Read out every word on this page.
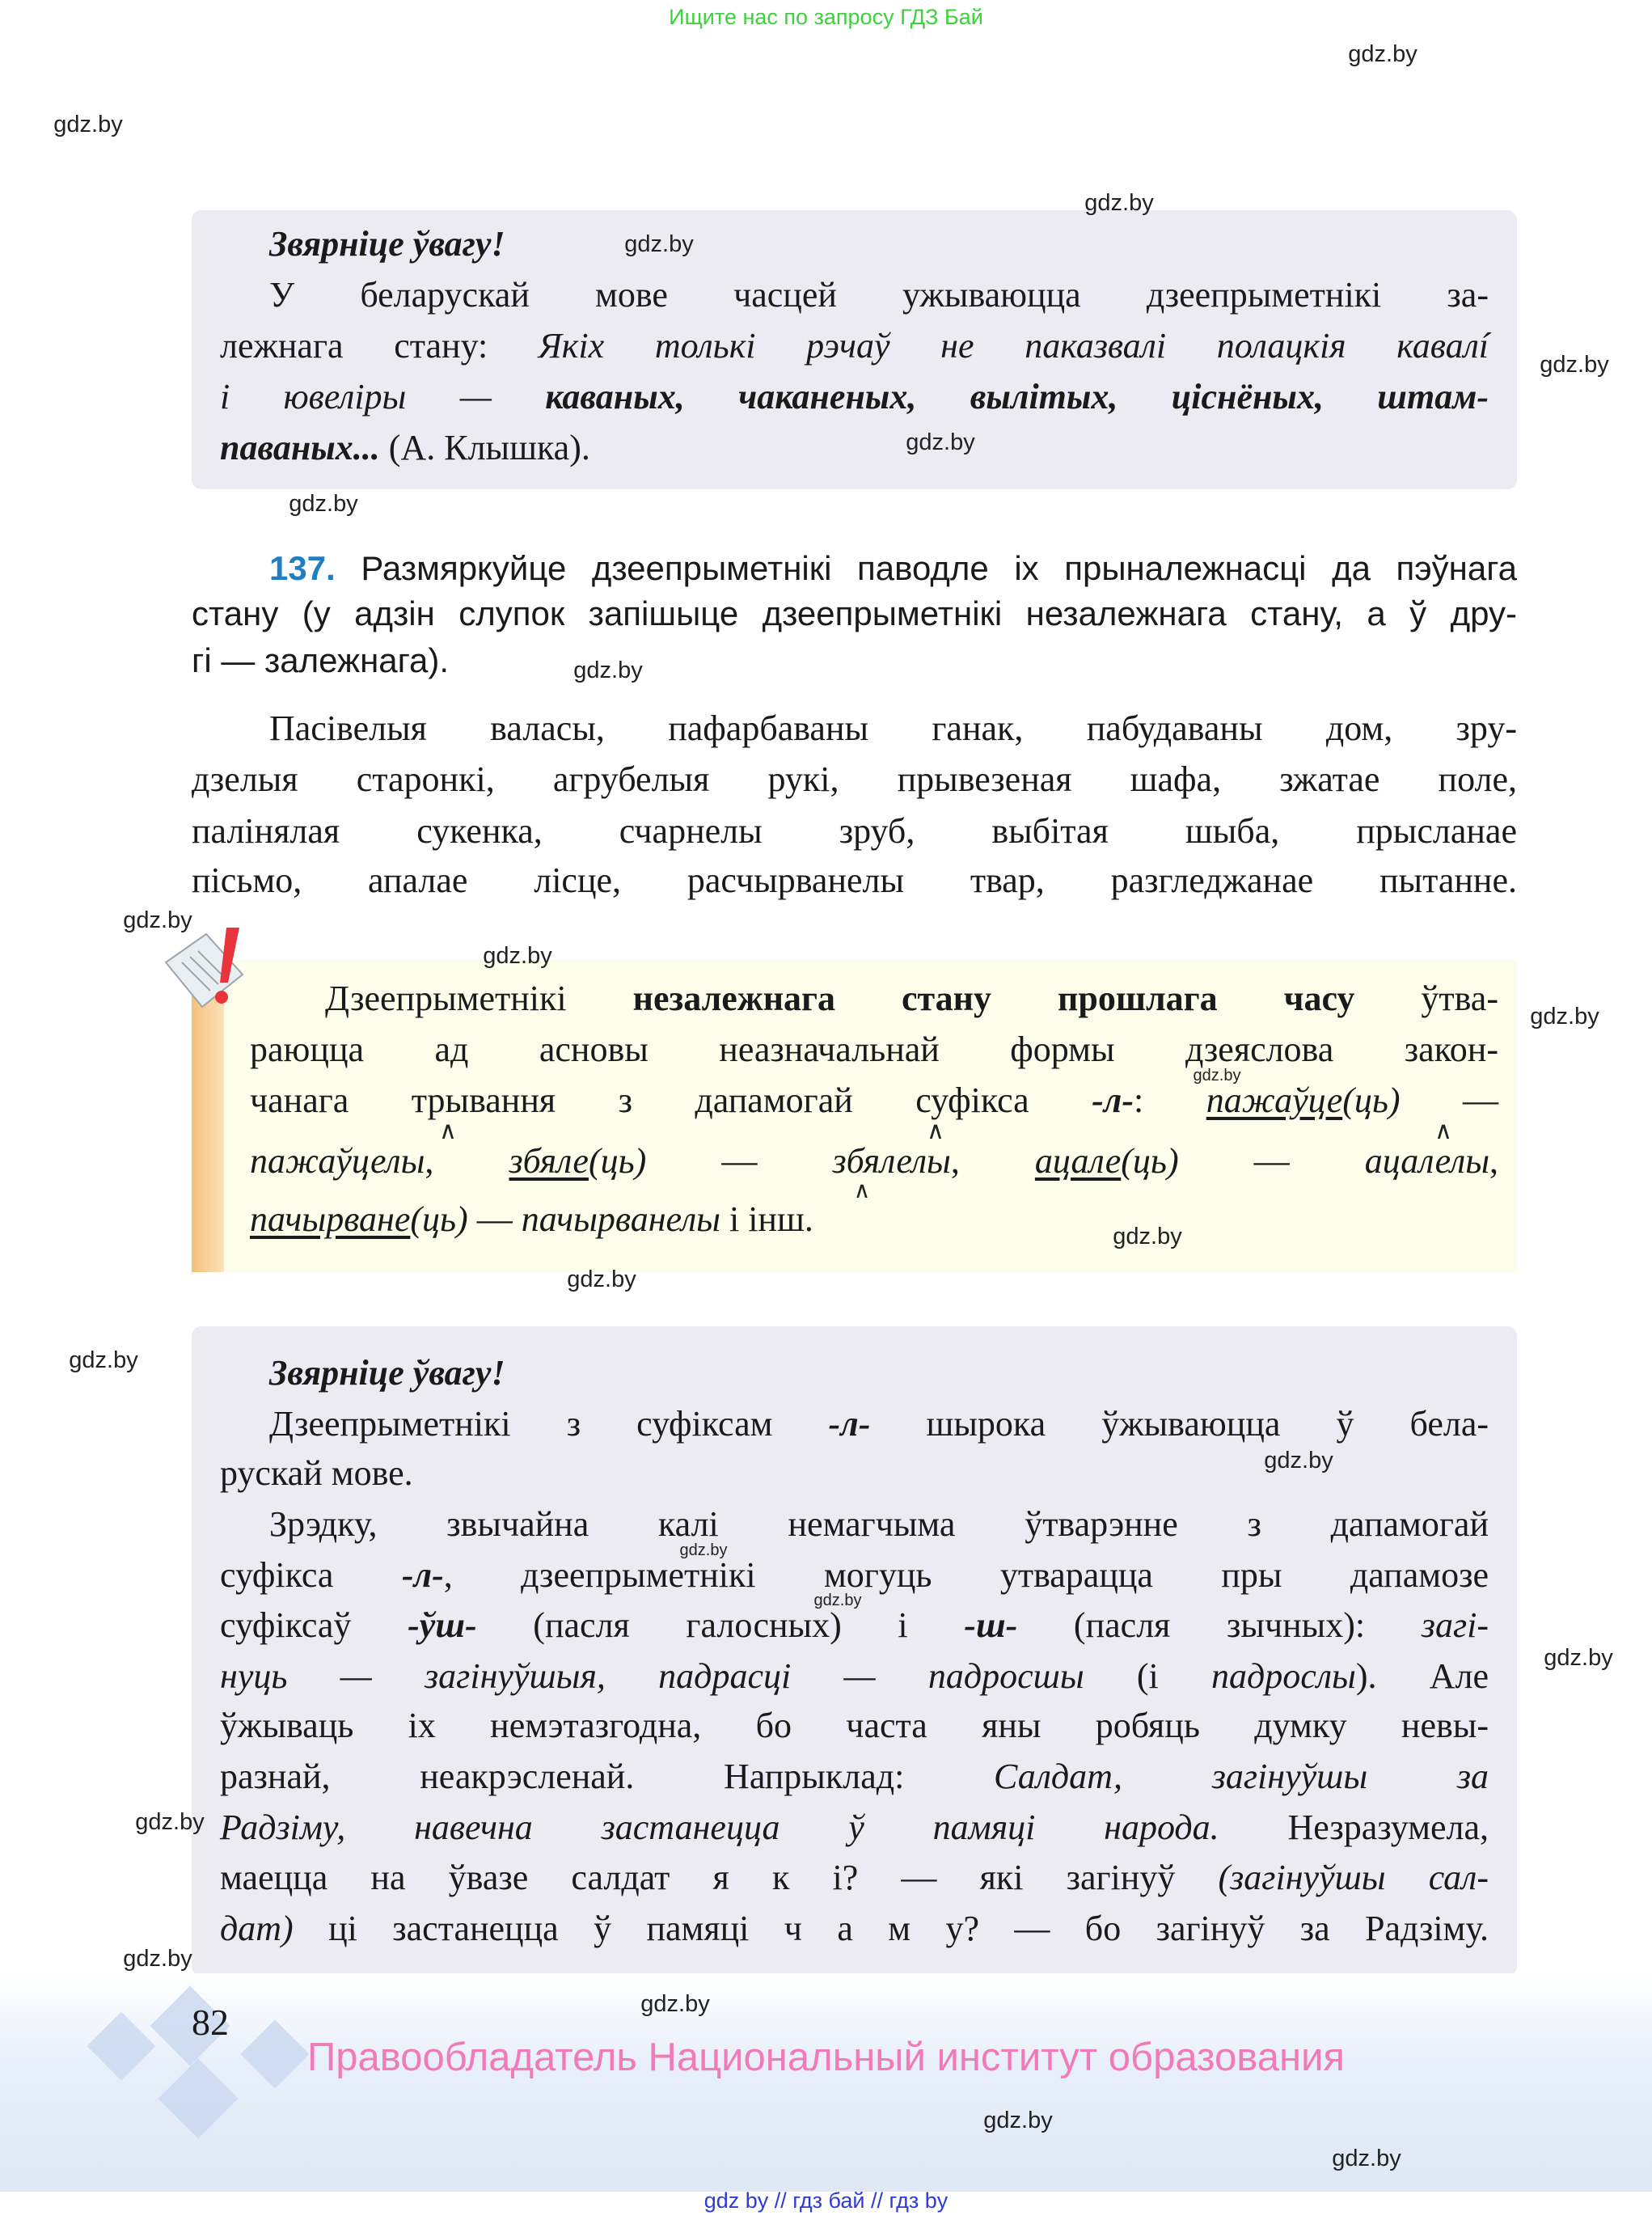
Ищите нас по запросу ГДЗ Бай
Звярніце ўвагу!
У беларускай мове часцей ужываюцца дзеепрыметнікі за-
лежнага стану: Якіх толькі рэчаў не паказвалі полацкія кавалí
і ювеліры — каваных, чаканеных, вылітых, ціснёных, штам-
паваных... (А. Клышка).
137. Размяркуйце дзеепрыметнікі паводле іх прыналежнасці да пэўнага
стану (у адзін слупок запішыце дзеепрыметнікі незалежнага стану, а ў дру-
гі — залежнага).
Пасівелыя валасы, пафарбаваны ганак, пабудаваны дом, зру-
дзелыя старонкі, агрубелыя рукі, прывезеная шафа, зжатае поле,
палінялая сукенка, счарнелы зруб, выбітая шыба, прысланае
пісьмо, апалае лісце, расчырванелы твар, разгледжанае пытанне.
Дзеепрыметнікі незалежнага стану прошлага часу ўтва-
раюцца ад асновы неазначальнай формы дзеяслова закон-
чанага трывання з дапамогай суфікса -л-: пажаўце(ць) —
пажаўцелы, збяле(ць) — збялелы, ацале(ць) — ацалелы,
пачырване(ць) — пачырванелы і інш.
∧	∧	∧
∧
Звярніце ўвагу!
Дзеепрыметнікі з суфіксам -л- шырока ўжываюцца ў бела-
рускай мове.
Зрэдку, звычайна калі немагчыма ўтварэнне з дапамогай
суфікса -л-, дзеепрыметнікі могуць утварацца пры дапамозе
суфіксаў -ўш- (пасля галосных) і -ш- (пасля зычных): загі-
нуць — загінуўшыя, падрасці — падросшы (і падрослы). Але
ўжываць іх немэтазгодна, бо часта яны робяць думку невы-
разнай, неакрэсленай. Напрыклад: Салдат, загінуўшы за
Радзіму, навечна застанецца ў памяці народа. Незразумела,
маецца на ўвазе салдат я к і? — які загінуў (загінуўшы сал-
дат) ці застанецца ў памяці ч а м у? — бо загінуў за Радзіму.
82
Правообладатель Национальный институт образования
gdz by // гдз бай // гдз by
gdz.by
gdz.by
gdz.by
gdz.by
gdz.by
gdz.by
gdz.by
gdz.by
gdz.by
gdz.by
gdz.by
gdz.by
gdz.by
gdz.by
gdz.by
gdz.by
gdz.by
gdz.by
gdz.by
gdz.by
gdz.by
gdz.by
gdz.by
gdz.by
